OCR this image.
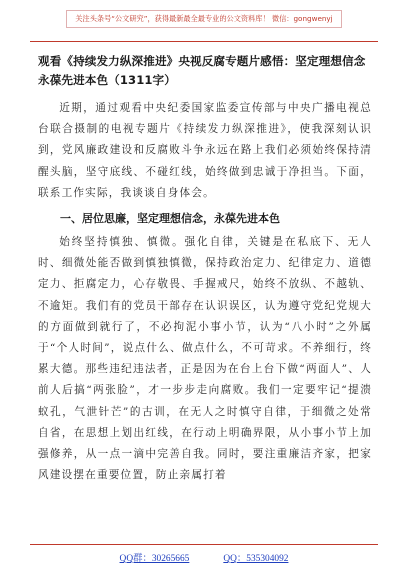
关注头条号“公文研究”，获得最新最全最专业的公文资料库！ 微信：gongwenyj
观看《持续发力纵深推进》央视反腐专题片感悟：坚定理想信念永葆先进本色（1311字）

近期，通过观看中央纪委国家监委宣传部与中央广播电视总台联合摄制的电视专题片《持续发力纵深推进》，使我深刻认识到，党风廉政建设和反腐败斗争永远在路上我们必须始终保持清醒头脑，坚守底线、不碰红线，始终做到忠诚于净担当。下面，联系工作实际，我谈谈自身体会。

一、居位思廉，坚定理想信念，永葆先进本色

始终坚持慎独、慎微。强化自律，关键是在私底下、无人时、细微处能否做到慎独慎微，保持政治定力、纪律定力、道德定力、拒腐定力，心存敬畏、手握戒尺，始终不放纵、不越轨、不逾矩。我们有的党员干部存在认识误区，认为遵守党纪党规大的方面做到就行了，不必拘泥小事小节，认为“八小时”之外属于“个人时间”，说点什么、做点什么，不可苛求。不养细行，终累大德。那些违纪违法者，正是因为在台上台下做“两面人”、人前人后搞“两张脸”，才一步步走向腐败。我们一定要牢记“提溃蚁孔，气泄针芒”的古训，在无人之时慎守自律，于细微之处常自省，在思想上划出红线，在行动上明确界限，从小事小节上加强修养，从一点一滴中完善自我。同时，要注重廉洁齐家，把家风建设摆在重要位置，防止亲属打着

QQ群：30265665	QQ：535304092
